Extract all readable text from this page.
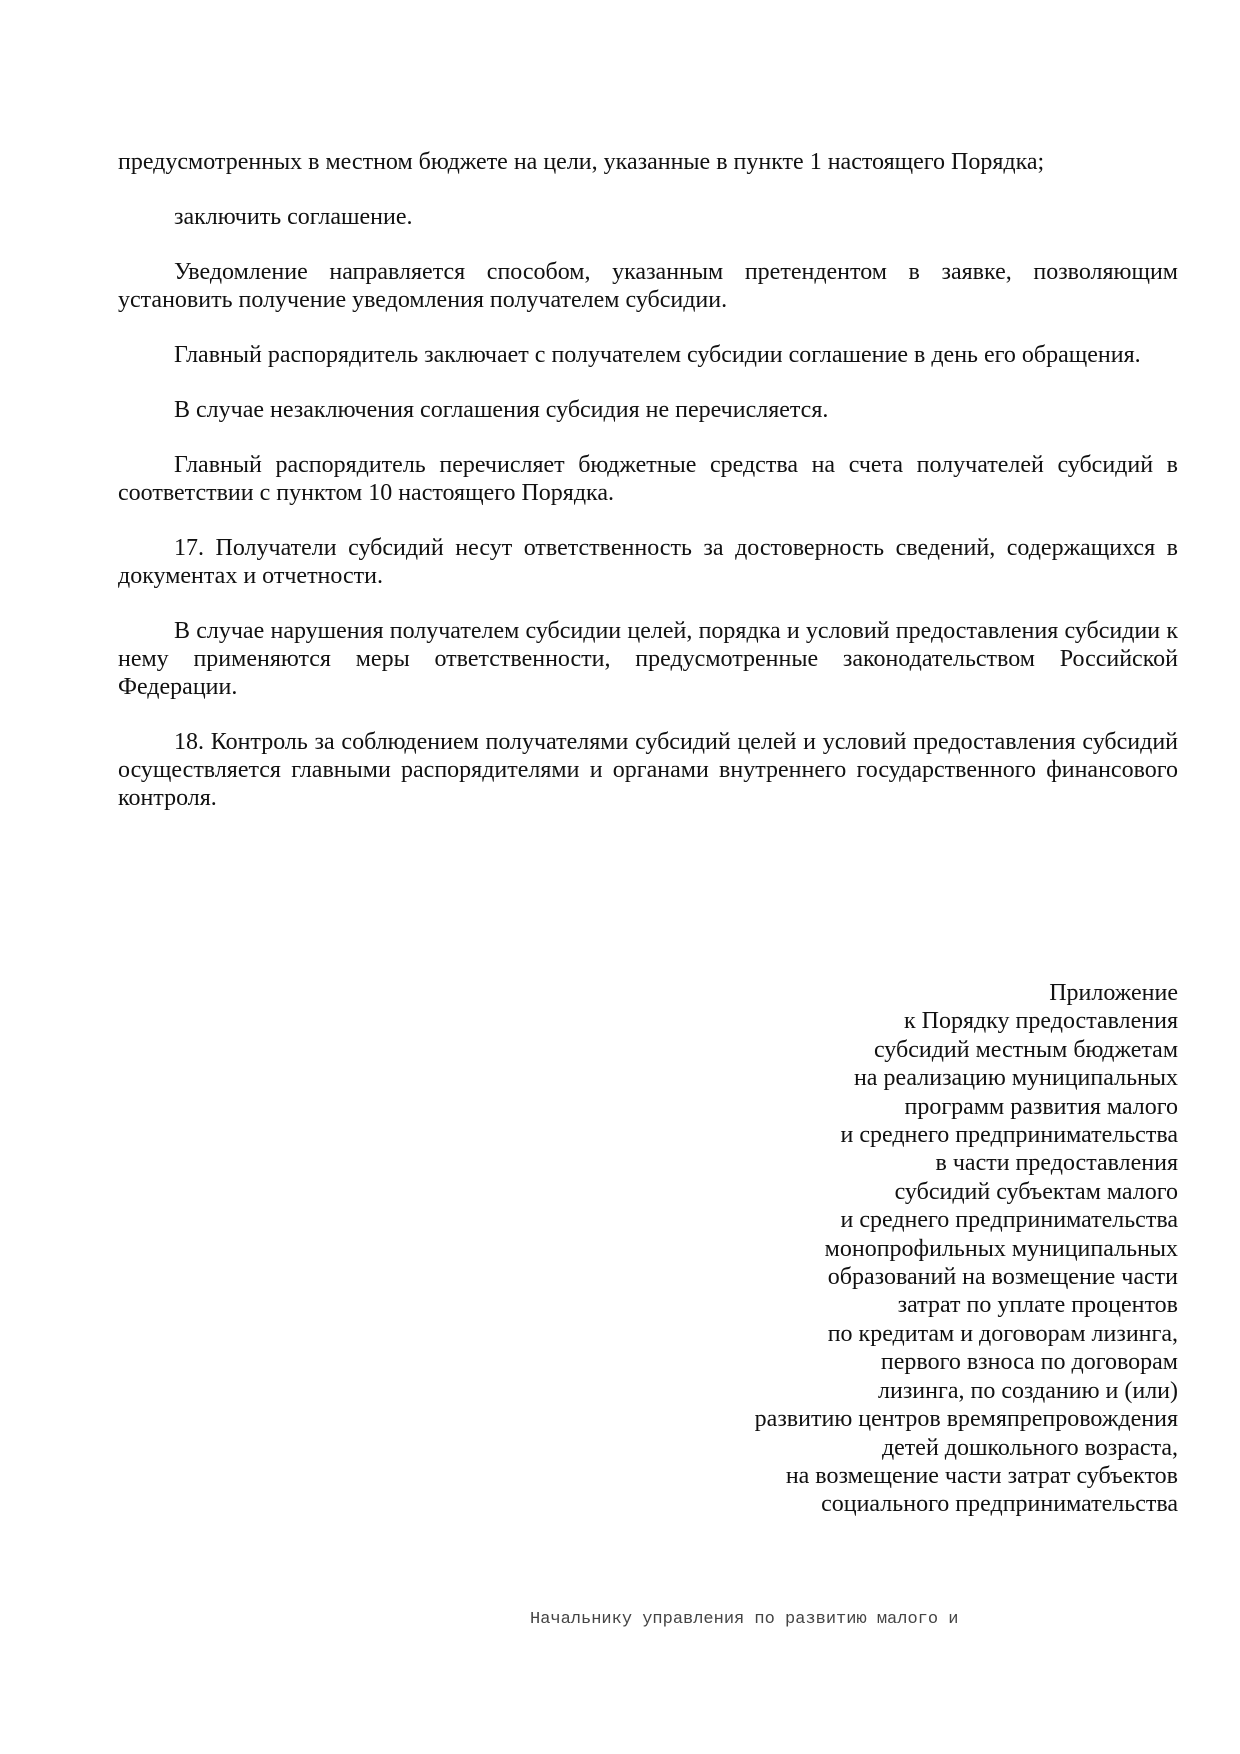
предусмотренных в местном бюджете на цели, указанные в пункте 1 настоящего Порядка;

заключить соглашение.

Уведомление направляется способом, указанным претендентом в заявке, позволяющим установить получение уведомления получателем субсидии.

Главный распорядитель заключает с получателем субсидии соглашение в день его обращения.

В случае незаключения соглашения субсидия не перечисляется.

Главный распорядитель перечисляет бюджетные средства на счета получателей субсидий в соответствии с пунктом 10 настоящего Порядка.

17. Получатели субсидий несут ответственность за достоверность сведений, содержащихся в документах и отчетности.

В случае нарушения получателем субсидии целей, порядка и условий предоставления субсидии к нему применяются меры ответственности, предусмотренные законодательством Российской Федерации.

18. Контроль за соблюдением получателями субсидий целей и условий предоставления субсидий осуществляется главными распорядителями и органами внутреннего государственного финансового контроля.

Приложение
к Порядку предоставления
субсидий местным бюджетам
на реализацию муниципальных
программ развития малого
и среднего предпринимательства
в части предоставления
субсидий субъектам малого
и среднего предпринимательства
монопрофильных муниципальных
образований на возмещение части
затрат по уплате процентов
по кредитам и договорам лизинга,
первого взноса по договорам
лизинга, по созданию и (или)
развитию центров времяпрепровождения
детей дошкольного возраста,
на возмещение части затрат субъектов
социального предпринимательства
Начальнику управления по развитию малого и
